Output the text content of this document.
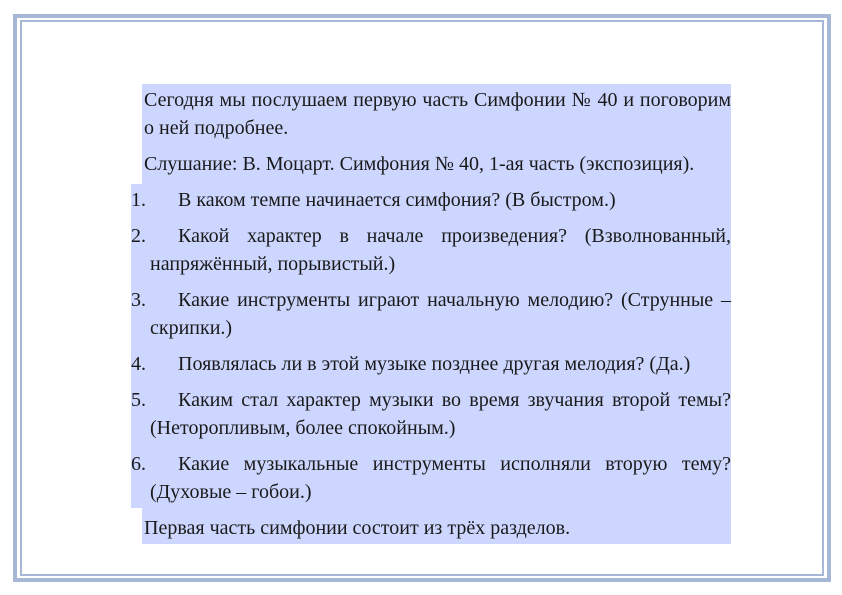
Сегодня мы послушаем первую часть Симфонии № 40 и поговорим о ней подробнее.
Слушание: В. Моцарт. Симфония № 40, 1-ая часть (экспозиция).
1. В каком темпе начинается симфония? (В быстром.)
2. Какой характер в начале произведения? (Взволнованный, напряжённый, порывистый.)
3. Какие инструменты играют начальную мелодию? (Струнные – скрипки.)
4. Появлялась ли в этой музыке позднее другая мелодия? (Да.)
5. Каким стал характер музыки во время звучания второй темы? (Неторопливым, более спокойным.)
6. Какие музыкальные инструменты исполняли вторую тему? (Духовые – гобои.)
Первая часть симфонии состоит из трёх разделов.
